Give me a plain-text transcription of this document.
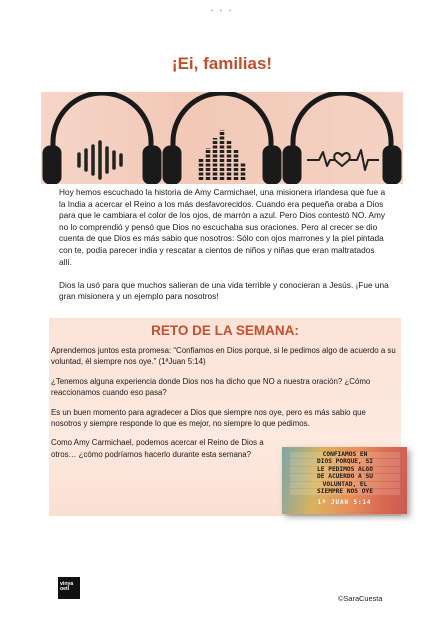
• • •
¡Ei, familias!

Hoy hemos escuchado la historia de Amy Carmichael, una misionera irlandesa que fue a la India a acercar el Reino a los más desfavorecidos. Cuando era pequeña oraba a Dios para que le cambiara el color de los ojos, de marrón a azul. Pero Dios contestó NO. Amy no lo comprendió y pensó que Dios no escuchaba sus oraciones. Pero al crecer se dio cuenta de que Dios es más sabio que nosotros: Sólo con ojos marrones y la piel pintada con te, podía parecer india y rescatar a cientos de niños y niñas que eran maltratados allí.

Dios la usó para que muchos salieran de una vida terrible y conocieran a Jesús. ¡Fue una gran misionera y un ejemplo para nosotros!

RETO DE LA SEMANA:

Aprendemos juntos esta promesa: “Confiamos en Dios porque, si le pedimos algo de acuerdo a su voluntad, él siempre nos oye.” (1ªJuan 5:14)

¿Tenemos alguna experiencia donde Dios nos ha dicho que NO a nuestra oración? ¿Cómo reaccionamos cuando eso pasa?

Es un buen momento para agradecer a Dios que siempre nos oye, pero es más sabio que nosotros y siempre responde lo que es mejor, no siempre lo que pedimos.

Como Amy Carmichael, podemos acercar el Reino de Dios a otros… ¿cómo podríamos hacerlo durante esta semana?	CONFIAMOS EN
DIOS PORQUE, SI
LE PEDIMOS ALGO
DE ACUERDO A SU
VOLUNTAD, EL
SIEMPRE NOS OYE
1ª JUAN 5:14
vinya
oeti
©SaraCuesta
